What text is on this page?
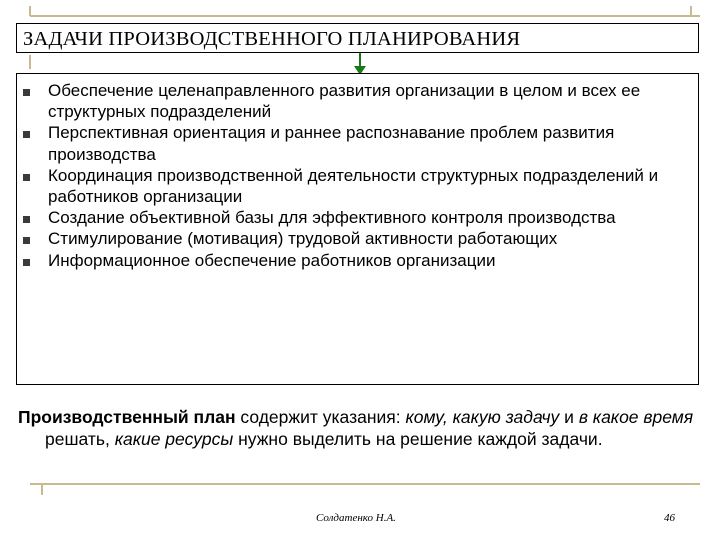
ЗАДАЧИ ПРОИЗВОДСТВЕННОГО ПЛАНИРОВАНИЯ
Обеспечение целенаправленного развития организации в целом и всех ее структурных подразделений
Перспективная ориентация и раннее распознавание проблем развития производства
Координация производственной деятельности структурных подразделений и работников организации
Создание объективной базы для эффективного контроля производства
Стимулирование (мотивация) трудовой активности работающих
Информационное обеспечение работников организации
Производственный план содержит указания: кому, какую задачу и в какое время решать, какие ресурсы нужно выделить на решение каждой задачи.
Солдатенко Н.А.	46
